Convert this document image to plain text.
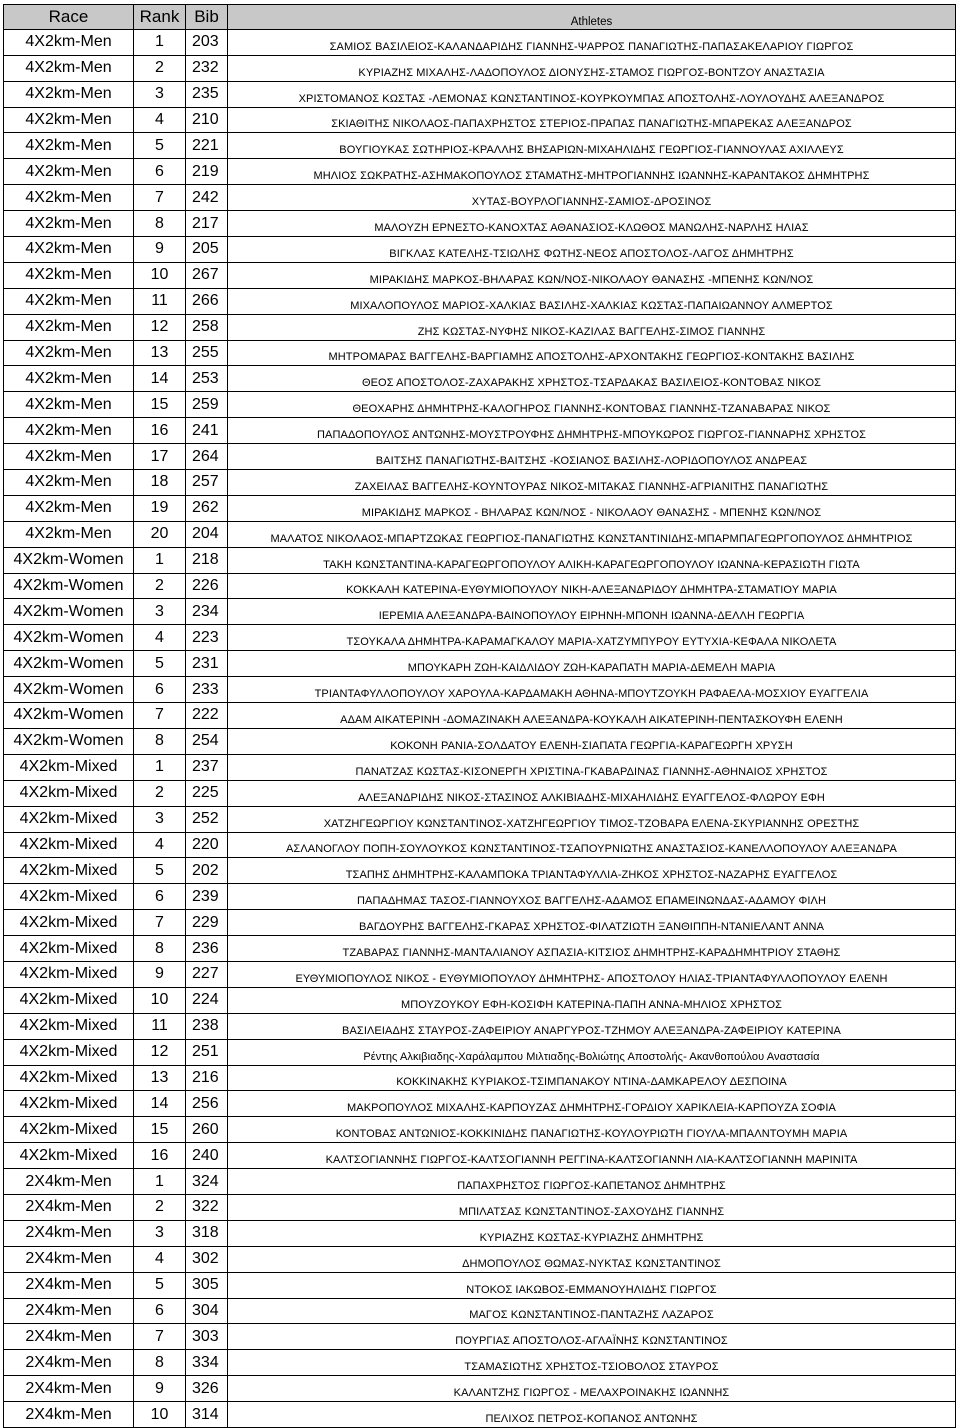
Race	Rank	Bib	Athletes
4X2km-Men	1	203	ΣΑΜΙΟΣ ΒΑΣΙΛΕΙΟΣ-ΚΑΛΑΝΔΑΡΙΔΗΣ ΓΙΑΝΝΗΣ-ΨΑΡΡΟΣ ΠΑΝΑΓΙΩΤΗΣ-ΠΑΠΑΣΑΚΕΛΑΡΙΟΥ ΓΙΩΡΓΟΣ
4X2km-Men	2	232	ΚΥΡΙΑΖΗΣ ΜΙΧΑΛΗΣ-ΛΑΔΟΠΟΥΛΟΣ ΔΙΟΝΥΣΗΣ-ΣΤΑΜΟΣ ΓΙΩΡΓΟΣ-ΒΟΝΤΖΟΥ ΑΝΑΣΤΑΣΙΑ
4X2km-Men	3	235	ΧΡΙΣΤΟΜΑΝΟΣ ΚΩΣΤΑΣ -ΛΕΜΟΝΑΣ ΚΩΝΣΤΑΝΤΙΝΟΣ-ΚΟΥΡΚΟΥΜΠΑΣ ΑΠΟΣΤΟΛΗΣ-ΛΟΥΛΟΥΔΗΣ ΑΛΕΞΑΝΔΡΟΣ
4X2km-Men	4	210	ΣΚΙΑΘΙΤΗΣ ΝΙΚΟΛΑΟΣ-ΠΑΠΑΧΡΗΣΤΟΣ ΣΤΕΡΙΟΣ-ΠΡΑΠΑΣ ΠΑΝΑΓΙΩΤΗΣ-ΜΠΑΡΕΚΑΣ ΑΛΕΞΑΝΔΡΟΣ
4X2km-Men	5	221	ΒΟΥΓΙΟΥΚΑΣ ΣΩΤΗΡΙΟΣ-ΚΡΑΛΛΗΣ ΒΗΣΑΡΙΩΝ-ΜΙΧΑΗΛΙΔΗΣ ΓΕΩΡΓΙΟΣ-ΓΙΑΝΝΟΥΛΑΣ ΑΧΙΛΛΕΥΣ
4X2km-Men	6	219	ΜΗΛΙΟΣ ΣΩΚΡΑΤΗΣ-ΑΣΗΜΑΚΟΠΟΥΛΟΣ ΣΤΑΜΑΤΗΣ-ΜΗΤΡΟΓΙΑΝΝΗΣ ΙΩΑΝΝΗΣ-ΚΑΡΑΝΤΑΚΟΣ ΔΗΜΗΤΡΗΣ
4X2km-Men	7	242	ΧΥΤΑΣ-ΒΟΥΡΛΟΓΙΑΝΝΗΣ-ΣΑΜΙΟΣ-ΔΡΟΣΙΝΟΣ
4X2km-Men	8	217	ΜΑΛΟΥΖΗ ΕΡΝΕΣΤΟ-ΚΑΝΟΧΤΑΣ ΑΘΑΝΑΣΙΟΣ-ΚΛΩΘΟΣ ΜΑΝΩΛΗΣ-ΝΑΡΛΗΣ ΗΛΙΑΣ
4X2km-Men	9	205	ΒΙΓΚΛΑΣ ΚΑΤΕΛΗΣ-ΤΣΙΩΛΗΣ ΦΩΤΗΣ-ΝΕΟΣ ΑΠΟΣΤΟΛΟΣ-ΛΑΓΟΣ ΔΗΜΗΤΡΗΣ
4X2km-Men	10	267	ΜΙΡΑΚΙΔΗΣ ΜΑΡΚΟΣ-ΒΗΛΑΡΑΣ ΚΩΝ/ΝΟΣ-ΝΙΚΟΛΑΟΥ ΘΑΝΑΣΗΣ -ΜΠΕΝΗΣ ΚΩΝ/ΝΟΣ
4X2km-Men	11	266	ΜΙΧΑΛΟΠΟΥΛΟΣ ΜΑΡΙΟΣ-ΧΑΛΚΙΑΣ ΒΑΣΙΛΗΣ-ΧΑΛΚΙΑΣ ΚΩΣΤΑΣ-ΠΑΠΑΙΩΑΝΝΟΥ ΑΛΜΕΡΤΟΣ
4X2km-Men	12	258	ΖΗΣ ΚΩΣΤΑΣ-ΝΥΦΗΣ ΝΙΚΟΣ-ΚΑΖΙΛΑΣ ΒΑΓΓΕΛΗΣ-ΣΙΜΟΣ ΓΙΑΝΝΗΣ
4X2km-Men	13	255	ΜΗΤΡΟΜΑΡΑΣ ΒΑΓΓΕΛΗΣ-ΒΑΡΓΙΑΜΗΣ ΑΠΟΣΤΟΛΗΣ-ΑΡΧΟΝΤΑΚΗΣ ΓΕΩΡΓΙΟΣ-ΚΟΝΤΑΚΗΣ ΒΑΣΙΛΗΣ
4X2km-Men	14	253	ΘΕΟΣ ΑΠΟΣΤΟΛΟΣ-ΖΑΧΑΡΑΚΗΣ ΧΡΗΣΤΟΣ-ΤΣΑΡΔΑΚΑΣ ΒΑΣΙΛΕΙΟΣ-ΚΟΝΤΟΒΑΣ ΝΙΚΟΣ
4X2km-Men	15	259	ΘΕΟΧΑΡΗΣ ΔΗΜΗΤΡΗΣ-ΚΑΛΟΓΗΡΟΣ ΓΙΑΝΝΗΣ-ΚΟΝΤΟΒΑΣ ΓΙΑΝΝΗΣ-ΤΖΑΝΑΒΑΡΑΣ ΝΙΚΟΣ
4X2km-Men	16	241	ΠΑΠΑΔΟΠΟΥΛΟΣ ΑΝΤΩΝΗΣ-ΜΟΥΣΤΡΟΥΦΗΣ ΔΗΜΗΤΡΗΣ-ΜΠΟΥΚΩΡΟΣ ΓΙΩΡΓΟΣ-ΓΙΑΝΝΑΡΗΣ ΧΡΗΣΤΟΣ
4X2km-Men	17	264	ΒΑΙΤΣΗΣ ΠΑΝΑΓΙΩΤΗΣ-ΒΑΙΤΣΗΣ -ΚΟΣΙΑΝΟΣ ΒΑΣΙΛΗΣ-ΛΟΡΙΔΟΠΟΥΛΟΣ ΑΝΔΡΕΑΣ
4X2km-Men	18	257	ΖΑΧΕΙΛΑΣ ΒΑΓΓΕΛΗΣ-ΚΟΥΝΤΟΥΡΑΣ ΝΙΚΟΣ-ΜΙΤΑΚΑΣ ΓΙΑΝΝΗΣ-ΑΓΡΙΑΝΙΤΗΣ ΠΑΝΑΓΙΩΤΗΣ
4X2km-Men	19	262	ΜΙΡΑΚΙΔΗΣ ΜΑΡΚΟΣ - ΒΗΛΑΡΑΣ ΚΩΝ/ΝΟΣ - ΝΙΚΟΛΑΟΥ ΘΑΝΑΣΗΣ - ΜΠΕΝΗΣ ΚΩΝ/ΝΟΣ
4X2km-Men	20	204	ΜΑΛΑΤΟΣ ΝΙΚΟΛΑΟΣ-ΜΠΑΡΤΖΩΚΑΣ ΓΕΩΡΓΙΟΣ-ΠΑΝΑΓΙΩΤΗΣ ΚΩΝΣΤΑΝΤΙΝΙΔΗΣ-ΜΠΑΡΜΠΑΓΕΩΡΓΟΠΟΥΛΟΣ ΔΗΜΗΤΡΙΟΣ
4X2km-Women	1	218	ΤΑΚΗ ΚΩΝΣΤΑΝΤΙΝΑ-ΚΑΡΑΓΕΩΡΓΟΠΟΥΛΟΥ ΑΛΙΚΗ-ΚΑΡΑΓΕΩΡΓΟΠΟΥΛΟΥ ΙΩΑΝΝΑ-ΚΕΡΑΣΙΩΤΗ ΓΙΩΤΑ
4X2km-Women	2	226	ΚΟΚΚΑΛΗ ΚΑΤΕΡΙΝΑ-ΕΥΘΥΜΙΟΠΟΥΛΟΥ ΝΙΚΗ-ΑΛΕΞΑΝΔΡΙΔΟΥ ΔΗΜΗΤΡΑ-ΣΤΑΜΑΤΙΟΥ ΜΑΡΙΑ
4X2km-Women	3	234	ΙΕΡΕΜΙΑ ΑΛΕΞΑΝΔΡΑ-ΒΑΙΝΟΠΟΥΛΟΥ ΕΙΡΗΝΗ-ΜΠΟΝΗ ΙΩΑΝΝΑ-ΔΕΛΛΗ ΓΕΩΡΓΙΑ
4X2km-Women	4	223	ΤΣΟΥΚΑΛΑ ΔΗΜΗΤΡΑ-ΚΑΡΑΜΑΓΚΑΛΟΥ ΜΑΡΙΑ-ΧΑΤΖΥΜΠΥΡΟΥ ΕΥΤΥΧΙΑ-ΚΕΦΑΛΑ ΝΙΚΟΛΕΤΑ
4X2km-Women	5	231	ΜΠΟΥΚΑΡΗ ΖΩΗ-ΚΑΙΔΛΙΔΟΥ ΖΩΗ-ΚΑΡΑΠΑΤΗ ΜΑΡΙΑ-ΔΕΜΕΛΗ ΜΑΡΙΑ
4X2km-Women	6	233	ΤΡΙΑΝΤΑΦΥΛΛΟΠΟΥΛΟΥ ΧΑΡΟΥΛΑ-ΚΑΡΔΑΜΑΚΗ ΑΘΗΝΑ-ΜΠΟΥΤΖΟΥΚΗ ΡΑΦΑΕΛΑ-ΜΟΣΧΙΟΥ ΕΥΑΓΓΕΛΙΑ
4X2km-Women	7	222	ΑΔΑΜ ΑΙΚΑΤΕΡΙΝΗ -ΔΟΜΑΖΙΝΑΚΗ ΑΛΕΞΑΝΔΡΑ-ΚΟΥΚΑΛΗ ΑΙΚΑΤΕΡΙΝΗ-ΠΕΝΤΑΣΚΟΥΦΗ ΕΛΕΝΗ
4X2km-Women	8	254	ΚΟΚΟΝΗ ΡΑΝΙΑ-ΣΟΛΔΑΤΟΥ ΕΛΕΝΗ-ΣΙΑΠΑΤΑ ΓΕΩΡΓΙΑ-ΚΑΡΑΓΕΩΡΓΗ ΧΡΥΣΗ
4X2km-Mixed	1	237	ΠΑΝΑΤΖΑΣ ΚΩΣΤΑΣ-ΚΙΣΟΝΕΡΓΗ ΧΡΙΣΤΙΝΑ-ΓΚΑΒΑΡΔΙΝΑΣ ΓΙΑΝΝΗΣ-ΑΘΗΝΑΙΟΣ ΧΡΗΣΤΟΣ
4X2km-Mixed	2	225	ΑΛΕΞΑΝΔΡΙΔΗΣ ΝΙΚΟΣ-ΣΤΑΣΙΝΟΣ ΑΛΚΙΒΙΑΔΗΣ-ΜΙΧΑΗΛΙΔΗΣ ΕΥΑΓΓΕΛΟΣ-ΦΛΩΡΟΥ ΕΦΗ
4X2km-Mixed	3	252	ΧΑΤΖΗΓΕΩΡΓΙΟΥ ΚΩΝΣΤΑΝΤΙΝΟΣ-ΧΑΤΖΗΓΕΩΡΓΙΟΥ ΤΙΜΟΣ-ΤΖΟΒΑΡΑ ΕΛΕΝΑ-ΣΚΥΡΙΑΝΝΗΣ ΟΡΕΣΤΗΣ
4X2km-Mixed	4	220	ΑΣΛΑΝΟΓΛΟΥ ΠΟΠΗ-ΣΟΥΛΟΥΚΟΣ ΚΩΝΣΤΑΝΤΙΝΟΣ-ΤΣΑΠΟΥΡΝΙΩΤΗΣ ΑΝΑΣΤΑΣΙΟΣ-ΚΑΝΕΛΛΟΠΟΥΛΟΥ ΑΛΕΞΑΝΔΡΑ
4X2km-Mixed	5	202	ΤΣΑΠΗΣ ΔΗΜΗΤΡΗΣ-ΚΑΛΑΜΠΟΚΑ ΤΡΙΑΝΤΑΦΥΛΛΙΑ-ΖΗΚΟΣ ΧΡΗΣΤΟΣ-ΝΑΖΑΡΗΣ ΕΥΑΓΓΕΛΟΣ
4X2km-Mixed	6	239	ΠΑΠΑΔΗΜΑΣ ΤΑΣΟΣ-ΓΙΑΝΝΟΥΧΟΣ ΒΑΓΓΕΛΗΣ-ΑΔΑΜΟΣ ΕΠΑΜΕΙΝΩΝΔΑΣ-ΑΔΑΜΟΥ ΦΙΛΗ
4X2km-Mixed	7	229	ΒΑΓΔΟΥΡΗΣ ΒΑΓΓΕΛΗΣ-ΓΚΑΡΑΣ ΧΡΗΣΤΟΣ-ΦΙΛΑΤΖΙΩΤΗ ΞΑΝΘΙΠΠΗ-ΝΤΑΝΙΕΛΑΝΤ ΑΝΝΑ
4X2km-Mixed	8	236	ΤΖΑΒΑΡΑΣ ΓΙΑΝΝΗΣ-ΜΑΝΤΑΛΙΑΝΟΥ ΑΣΠΑΣΙΑ-ΚΙΤΣΙΟΣ ΔΗΜΗΤΡΗΣ-ΚΑΡΑΔΗΜΗΤΡΙΟΥ ΣΤΑΘΗΣ
4X2km-Mixed	9	227	ΕΥΘΥΜΙΟΠΟΥΛΟΣ ΝΙΚΟΣ - ΕΥΘΥΜΙΟΠΟΥΛΟΥ ΔΗΜΗΤΡΗΣ- ΑΠΟΣΤΟΛΟΥ ΗΛΙΑΣ-ΤΡΙΑΝΤΑΦΥΛΛΟΠΟΥΛΟΥ ΕΛΕΝΗ
4X2km-Mixed	10	224	ΜΠΟΥΖΟΥΚΟΥ ΕΦΗ-ΚΟΣΙΦΗ ΚΑΤΕΡΙΝΑ-ΠΑΠΗ ΑΝΝΑ-ΜΗΛΙΟΣ ΧΡΗΣΤΟΣ
4X2km-Mixed	11	238	ΒΑΣΙΛΕΙΑΔΗΣ ΣΤΑΥΡΟΣ-ΖΑΦΕΙΡΙΟΥ ΑΝΑΡΓΥΡΟΣ-ΤΖΗΜΟΥ ΑΛΕΞΑΝΔΡΑ-ΖΑΦΕΙΡΙΟΥ ΚΑΤΕΡΙΝΑ
4X2km-Mixed	12	251	Ρέντης Αλκιβιαδης-Χαράλαμπου Μιλτιαδης-Βολιώτης Αποστολής- Ακανθοπούλου Αναστασία
4X2km-Mixed	13	216	ΚΟΚΚΙΝΑΚΗΣ ΚΥΡΙΑΚΟΣ-ΤΣΙΜΠΑΝΑΚΟΥ ΝΤΙΝΑ-ΔΑΜΚΑΡΕΛΟΥ ΔΕΣΠΟΙΝΑ
4X2km-Mixed	14	256	ΜΑΚΡΟΠΟΥΛΟΣ ΜΙΧΑΛΗΣ-ΚΑΡΠΟΥΖΑΣ ΔΗΜΗΤΡΗΣ-ΓΟΡΔΙΟΥ ΧΑΡΙΚΛΕΙΑ-ΚΑΡΠΟΥΖΑ ΣΟΦΙΑ
4X2km-Mixed	15	260	ΚΟΝΤΟΒΑΣ ΑΝΤΩΝΙΟΣ-ΚΟΚΚΙΝΙΔΗΣ ΠΑΝΑΓΙΩΤΗΣ-ΚΟΥΛΟΥΡΙΩΤΗ ΓΙΟΥΛΑ-ΜΠΑΛΝΤΟΥΜΗ ΜΑΡΙΑ
4X2km-Mixed	16	240	ΚΑΛΤΣΟΓΙΑΝΝΗΣ ΓΙΩΡΓΟΣ-ΚΑΛΤΣΟΓΙΑΝΝΗ ΡΕΓΓΙΝΑ-ΚΑΛΤΣΟΓΙΑΝΝΗ ΛΙΑ-ΚΑΛΤΣΟΓΙΑΝΝΗ ΜΑΡΙΝΙΤΑ
2X4km-Men	1	324	ΠΑΠΑΧΡΗΣΤΟΣ ΓΙΩΡΓΟΣ-ΚΑΠΕΤΑΝΟΣ ΔΗΜΗΤΡΗΣ
2X4km-Men	2	322	ΜΠΙΛΑΤΣΑΣ ΚΩΝΣΤΑΝΤΙΝΟΣ-ΣΑΧΟΥΔΗΣ ΓΙΑΝΝΗΣ
2X4km-Men	3	318	ΚΥΡΙΑΖΗΣ ΚΩΣΤΑΣ-ΚΥΡΙΑΖΗΣ ΔΗΜΗΤΡΗΣ
2X4km-Men	4	302	ΔΗΜΟΠΟΥΛΟΣ ΘΩΜΑΣ-ΝΥΚΤΑΣ ΚΩΝΣΤΑΝΤΙΝΟΣ
2X4km-Men	5	305	ΝΤΟΚΟΣ ΙΑΚΩΒΟΣ-ΕΜΜΑΝΟΥΗΛΙΔΗΣ ΓΙΩΡΓΟΣ
2X4km-Men	6	304	ΜΑΓΟΣ ΚΩΝΣΤΑΝΤΙΝΟΣ-ΠΑΝΤΑΖΗΣ ΛΑΖΑΡΟΣ
2X4km-Men	7	303	ΠΟΥΡΓΙΑΣ ΑΠΟΣΤΟΛΟΣ-ΑΓΛΑΪΝΗΣ ΚΩΝΣΤΑΝΤΙΝΟΣ
2X4km-Men	8	334	ΤΣΑΜΑΣΙΩΤΗΣ ΧΡΗΣΤΟΣ-ΤΣΙΟΒΟΛΟΣ ΣΤΑΥΡΟΣ
2X4km-Men	9	326	ΚΑΛΑΝΤΖΗΣ ΓΙΩΡΓΟΣ - ΜΕΛΑΧΡΟΙΝΑΚΗΣ ΙΩΑΝΝΗΣ
2X4km-Men	10	314	ΠΕΛΙΧΟΣ ΠΕΤΡΟΣ-ΚΟΠΑΝΟΣ ΑΝΤΩΝΗΣ
